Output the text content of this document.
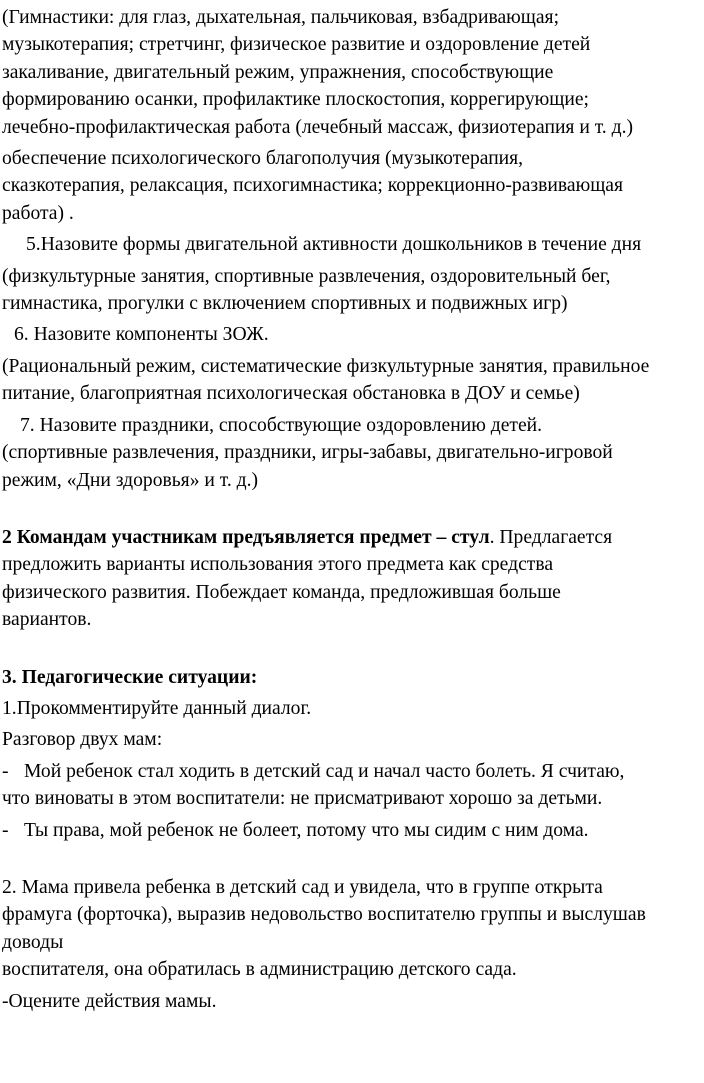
(Гимнастики: для глаз, дыхательная, пальчиковая, взбадривающая;
музыкотерапия; стретчинг, физическое развитие и оздоровление детей
закаливание, двигательный режим, упражнения, способствующие
формированию осанки, профилактике плоскостопия, коррегирующие;
лечебно-профилактическая работа (лечебный массаж, физиотерапия и т. д.)
обеспечение психологического благополучия (музыкотерапия,
сказкотерапия, релаксация, психогимнастика; коррекционно-развивающая
работа) .
5.Назовите формы двигательной активности дошкольников в течение дня
(физкультурные занятия, спортивные развлечения, оздоровительный бег,
гимнастика, прогулки с включением спортивных и подвижных игр)
6. Назовите компоненты ЗОЖ.
(Рациональный режим, систематические физкультурные занятия, правильное
питание, благоприятная психологическая обстановка в ДОУ и семье)
7. Назовите праздники, способствующие оздоровлению детей.
(спортивные развлечения, праздники, игры-забавы, двигательно-игровой
режим, «Дни здоровья» и т. д.)
2 Командам участникам предъявляется предмет – стул. Предлагается
предложить варианты использования этого предмета как средства
физического развития. Побеждает команда, предложившая больше
вариантов.
3. Педагогические ситуации:
1.Прокомментируйте данный диалог.
Разговор двух мам:
- Мой ребенок стал ходить в детский сад и начал часто болеть. Я считаю,
что виноваты в этом воспитатели: не присматривают хорошо за детьми.
- Ты права, мой ребенок не болеет, потому что мы сидим с ним дома.
2. Мама привела ребенка в детский сад и увидела, что в группе открыта
фрамуга (форточка), выразив недовольство воспитателю группы и выслушав
доводы
воспитателя, она обратилась в администрацию детского сада.
-Оцените действия мамы.
